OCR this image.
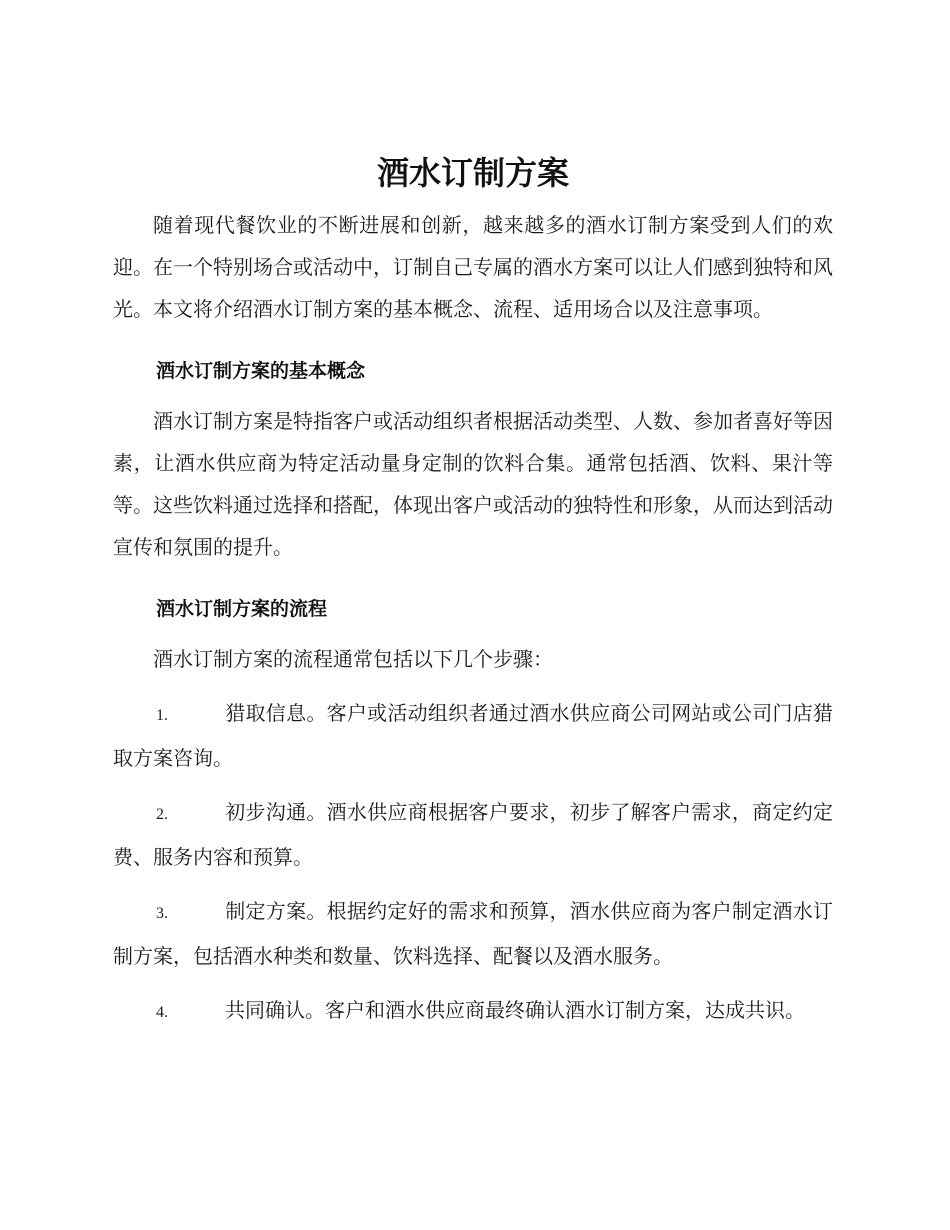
酒水订制方案

随着现代餐饮业的不断进展和创新，越来越多的酒水订制方案受到人们的欢迎。在一个特别场合或活动中，订制自己专属的酒水方案可以让人们感到独特和风光。本文将介绍酒水订制方案的基本概念、流程、适用场合以及注意事项。

酒水订制方案的基本概念

酒水订制方案是特指客户或活动组织者根据活动类型、人数、参加者喜好等因素，让酒水供应商为特定活动量身定制的饮料合集。通常包括酒、饮料、果汁等等。这些饮料通过选择和搭配，体现出客户或活动的独特性和形象，从而达到活动宣传和氛围的提升。

酒水订制方案的流程

酒水订制方案的流程通常包括以下几个步骤：

1.	猎取信息。客户或活动组织者通过酒水供应商公司网站或公司门店猎取方案咨询。
2.	初步沟通。酒水供应商根据客户要求，初步了解客户需求，商定约定费、服务内容和预算。
3.	制定方案。根据约定好的需求和预算，酒水供应商为客户制定酒水订制方案，包括酒水种类和数量、饮料选择、配餐以及酒水服务。
4.	共同确认。客户和酒水供应商最终确认酒水订制方案，达成共识。
